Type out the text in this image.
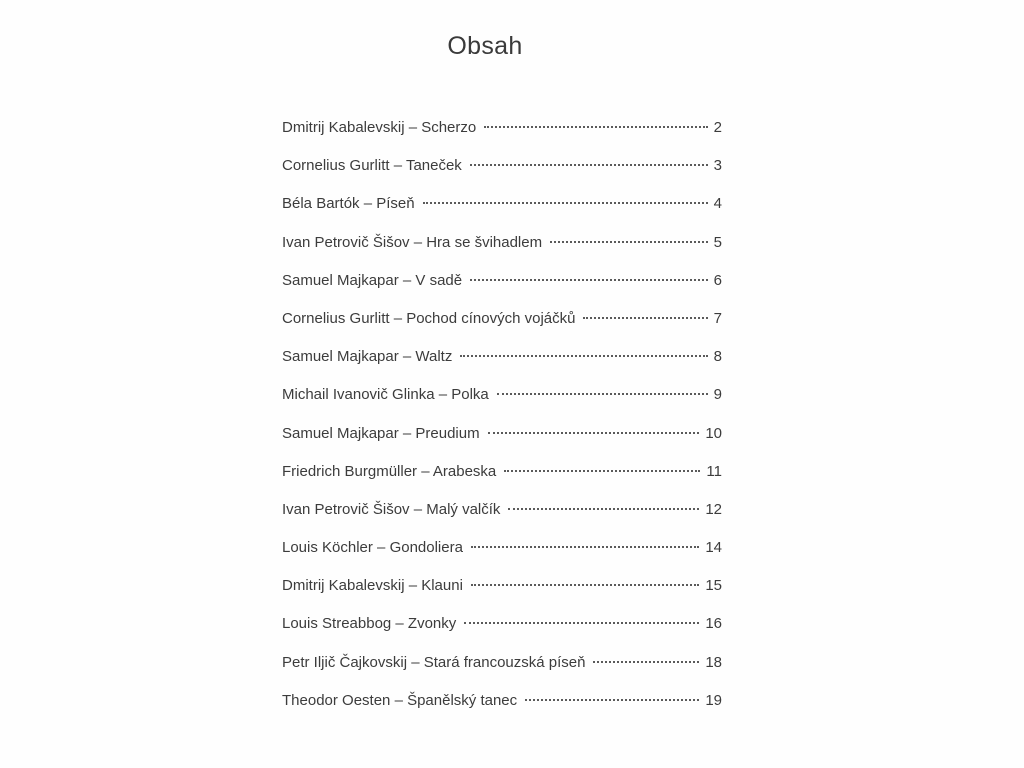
Obsah
Dmitrij Kabalevskij – Scherzo	2
Cornelius Gurlitt – Taneček	3
Béla Bartók – Píseň	4
Ivan Petrovič Šišov – Hra se švihadlem	5
Samuel Majkapar – V sadě	6
Cornelius Gurlitt – Pochod cínových vojáčků	7
Samuel Majkapar – Waltz	8
Michail Ivanovič Glinka – Polka	9
Samuel Majkapar – Preudium	10
Friedrich Burgmüller – Arabeska	11
Ivan Petrovič Šišov – Malý valčík	12
Louis Köchler – Gondoliera	14
Dmitrij Kabalevskij – Klauni	15
Louis Streabbog – Zvonky	16
Petr Iljič Čajkovskij – Stará francouzská píseň	18
Theodor Oesten – Španělský tanec	19
